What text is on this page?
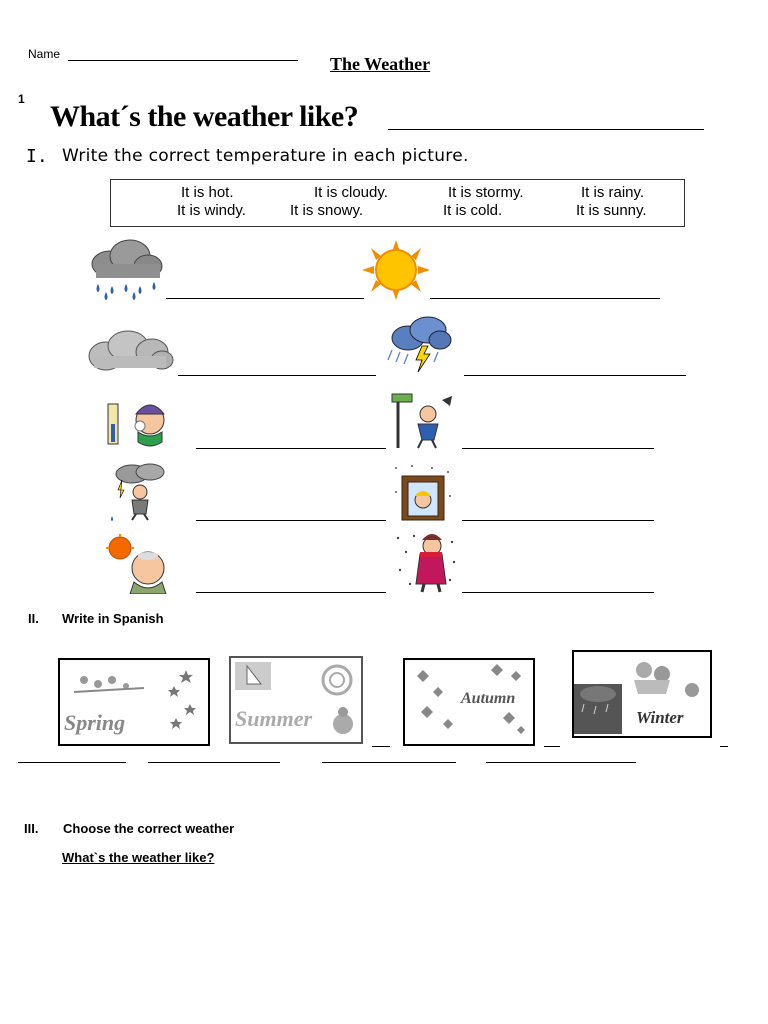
Name	The Weather
1
What´s the weather like?
I. Write the correct temperature in each picture.
It is hot.	It is cloudy.	It is stormy.	It is rainy.
It is windy.	It is snowy.	It is cold.	It is sunny.
II. Write in Spanish
Spring	Summer
Autumn
Winter
III. Choose the correct weather
What`s the weather like?
